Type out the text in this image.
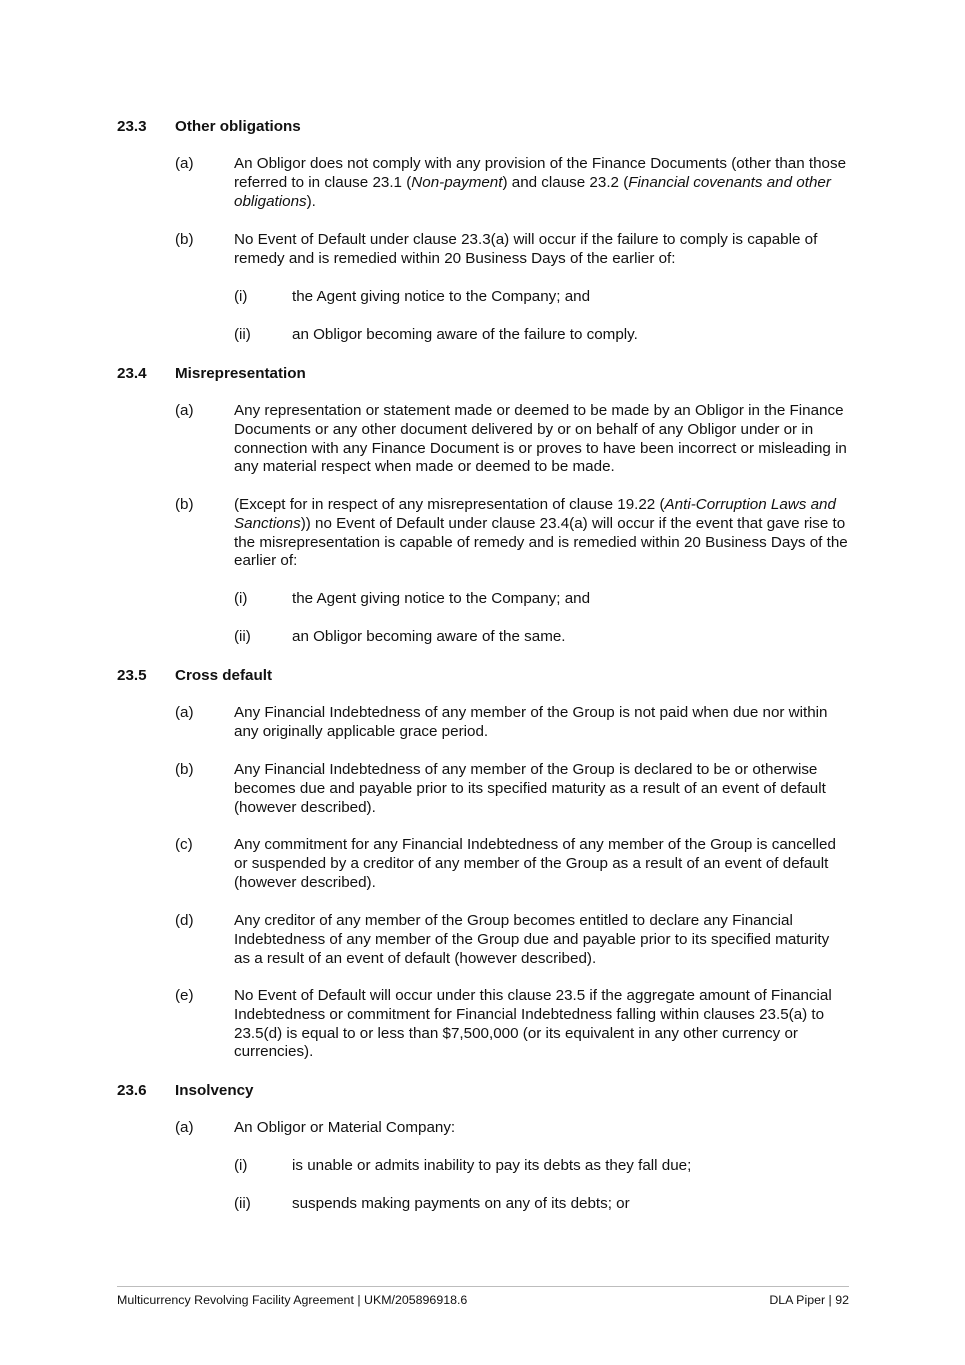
23.3 Other obligations
(a)	An Obligor does not comply with any provision of the Finance Documents (other than those referred to in clause 23.1 (Non-payment) and clause 23.2 (Financial covenants and other obligations).
(b)	No Event of Default under clause 23.3(a) will occur if the failure to comply is capable of remedy and is remedied within 20 Business Days of the earlier of:
(i)	the Agent giving notice to the Company; and
(ii)	an Obligor becoming aware of the failure to comply.
23.4 Misrepresentation
(a)	Any representation or statement made or deemed to be made by an Obligor in the Finance Documents or any other document delivered by or on behalf of any Obligor under or in connection with any Finance Document is or proves to have been incorrect or misleading in any material respect when made or deemed to be made.
(b)	(Except for in respect of any misrepresentation of clause 19.22 (Anti-Corruption Laws and Sanctions)) no Event of Default under clause 23.4(a) will occur if the event that gave rise to the misrepresentation is capable of remedy and is remedied within 20 Business Days of the earlier of:
(i)	the Agent giving notice to the Company; and
(ii)	an Obligor becoming aware of the same.
23.5 Cross default
(a)	Any Financial Indebtedness of any member of the Group is not paid when due nor within any originally applicable grace period.
(b)	Any Financial Indebtedness of any member of the Group is declared to be or otherwise becomes due and payable prior to its specified maturity as a result of an event of default (however described).
(c)	Any commitment for any Financial Indebtedness of any member of the Group is cancelled or suspended by a creditor of any member of the Group as a result of an event of default (however described).
(d)	Any creditor of any member of the Group becomes entitled to declare any Financial Indebtedness of any member of the Group due and payable prior to its specified maturity as a result of an event of default (however described).
(e)	No Event of Default will occur under this clause 23.5 if the aggregate amount of Financial Indebtedness or commitment for Financial Indebtedness falling within clauses 23.5(a) to 23.5(d) is equal to or less than $7,500,000 (or its equivalent in any other currency or currencies).
23.6 Insolvency
(a)	An Obligor or Material Company:
(i)	is unable or admits inability to pay its debts as they fall due;
(ii)	suspends making payments on any of its debts; or
Multicurrency Revolving Facility Agreement | UKM/205896918.6	DLA Piper | 92
